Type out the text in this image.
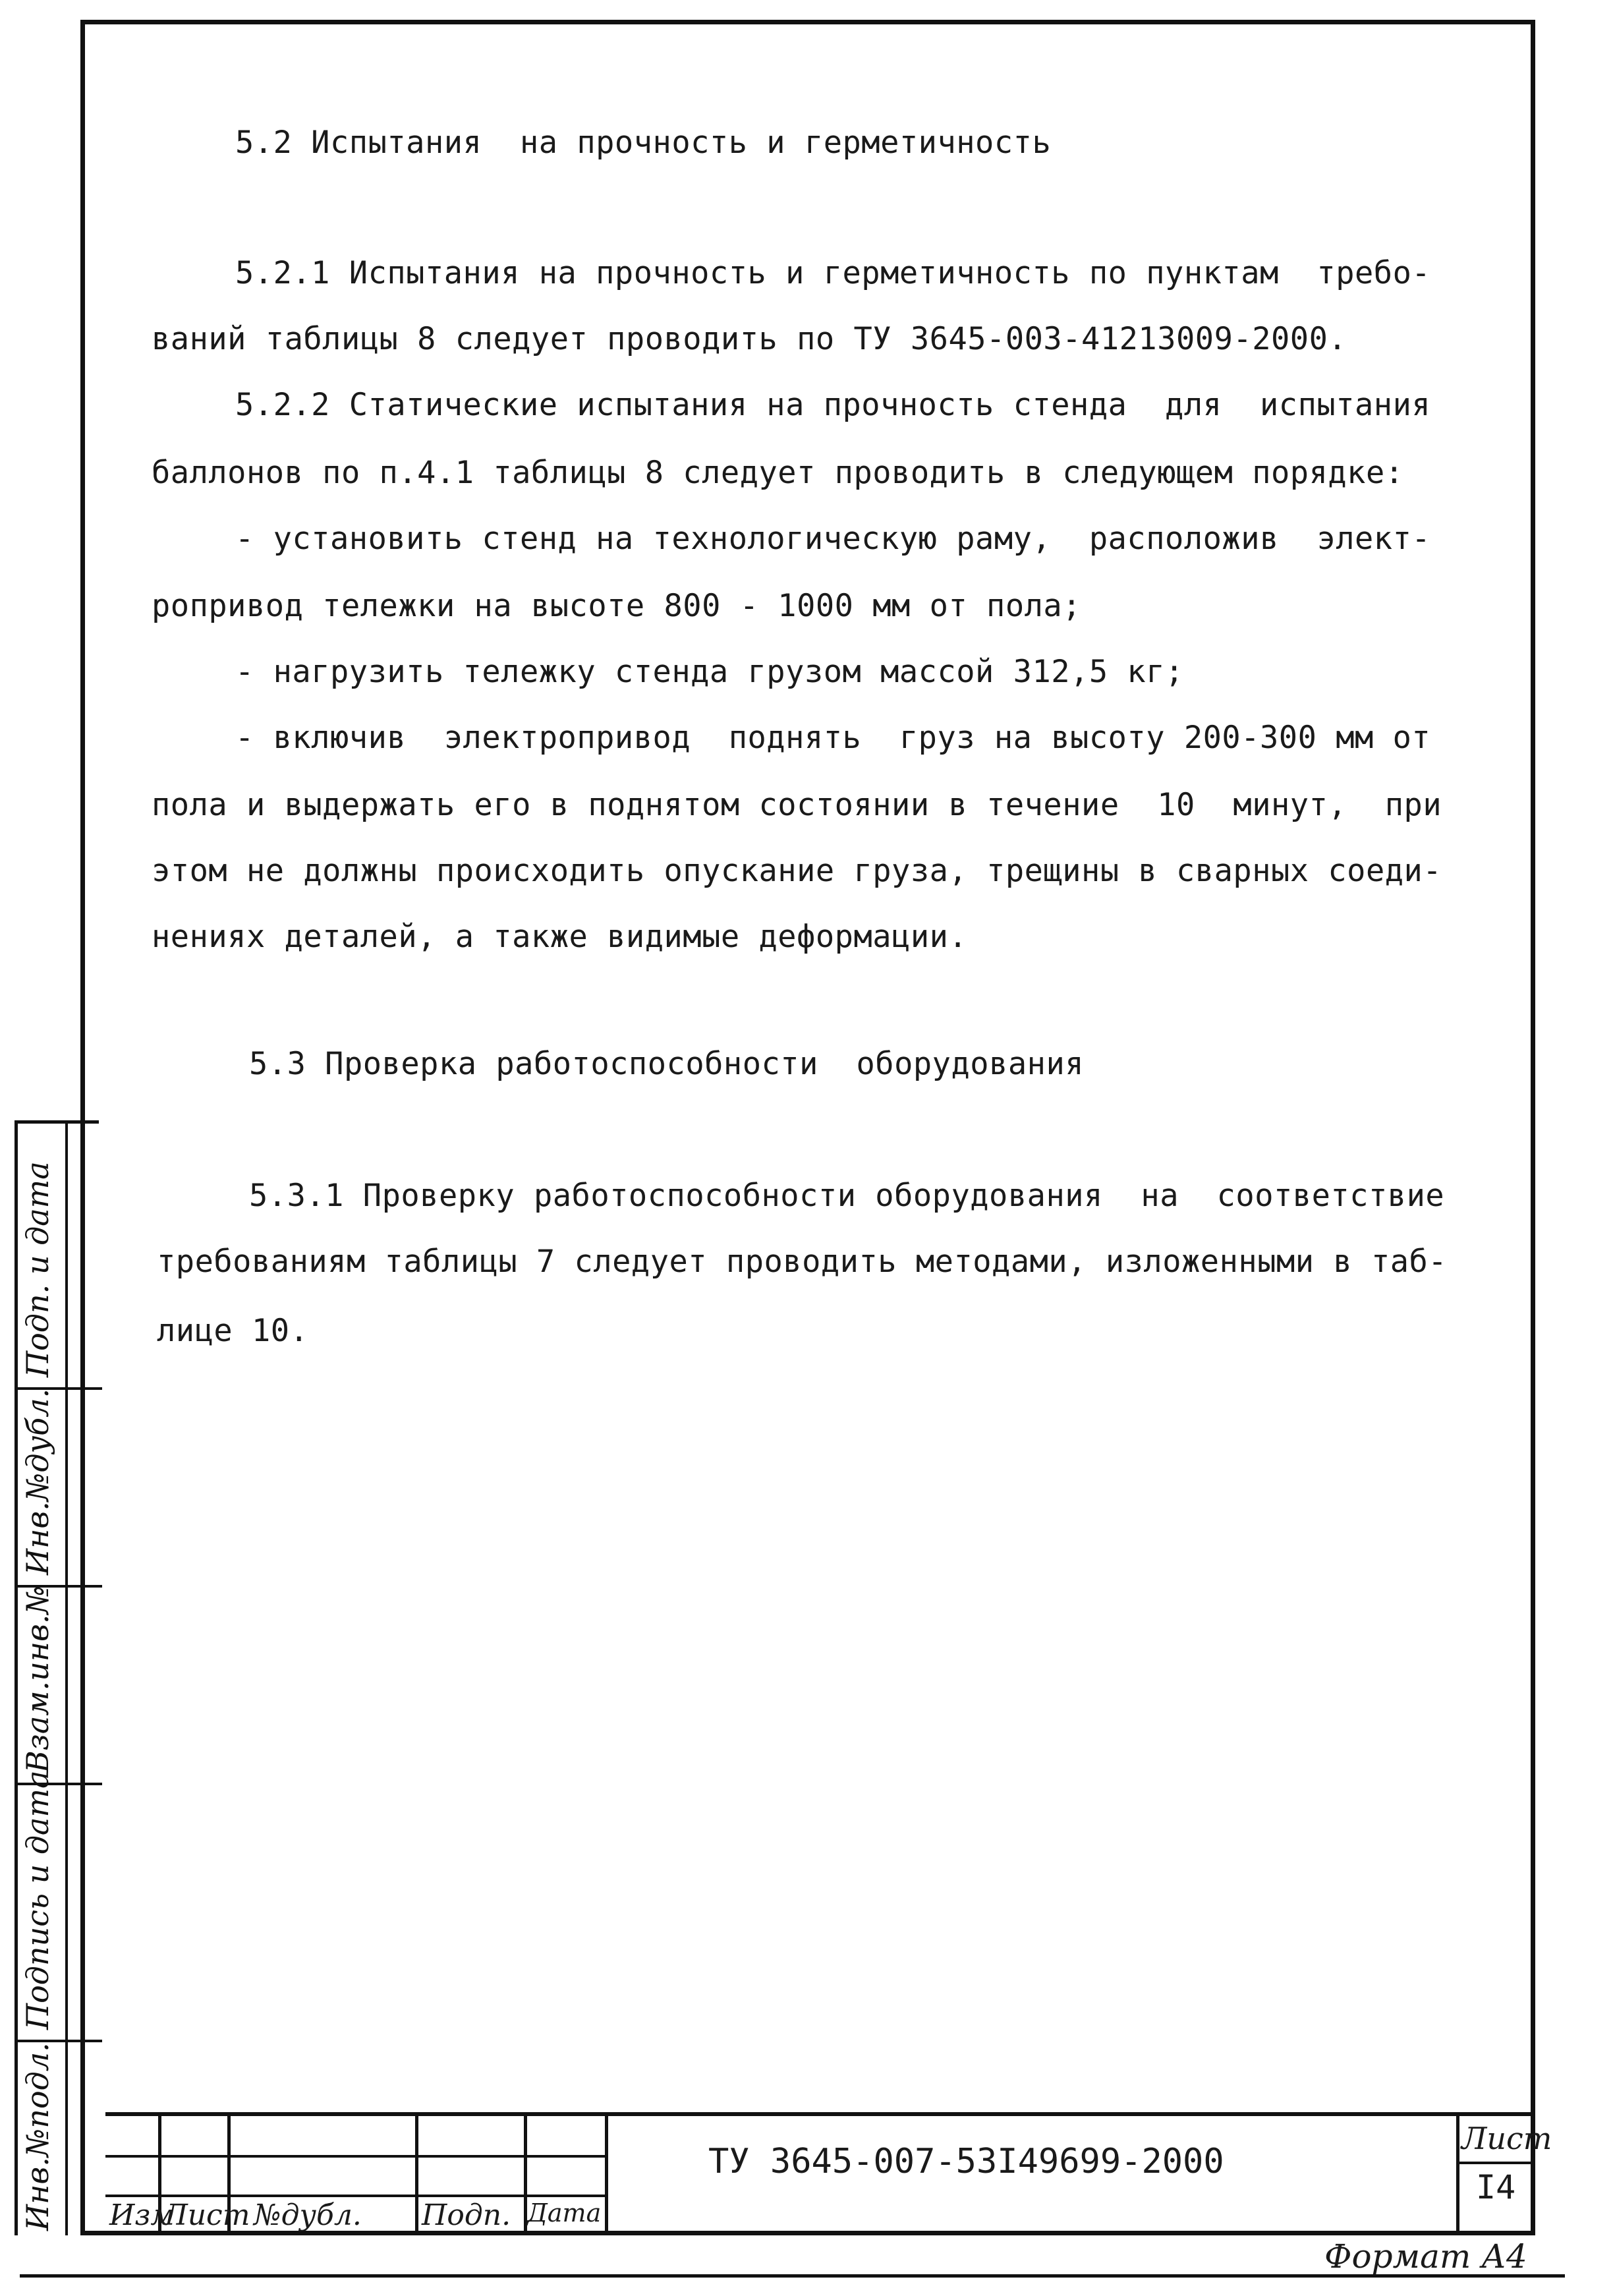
5.2 Испытания  на прочность и герметичность
5.2.1 Испытания на прочность и герметичность по пунктам  требо-
ваний таблицы 8 следует проводить по ТУ 3645-003-41213009-2000.
5.2.2 Статические испытания на прочность стенда  для  испытания
баллонов по п.4.1 таблицы 8 следует проводить в следующем порядке:
- установить стенд на технологическую раму,  расположив  элект-
ропривод тележки на высоте 800 - 1000 мм от пола;
- нагрузить тележку стенда грузом массой 312,5 кг;
- включив  электропривод  поднять  груз на высоту 200-300 мм от
пола и выдержать его в поднятом состоянии в течение  10  минут,  при
этом не должны происходить опускание груза, трещины в сварных соеди-
нениях деталей, а также видимые деформации.
5.3 Проверка работоспособности  оборудования
5.3.1 Проверку работоспособности оборудования  на  соответствие
требованиям таблицы 7 следует проводить методами, изложенными в таб-
лице 10.
Подп. и дата
Инв.№дубл.
Взам.инв.№
Подпись и дата
Инв.№подл. Изм
Лист №дубл. Подп. Дата
ТУ 3645-007-53I49699-2000
Лист
I4
Формат А4
